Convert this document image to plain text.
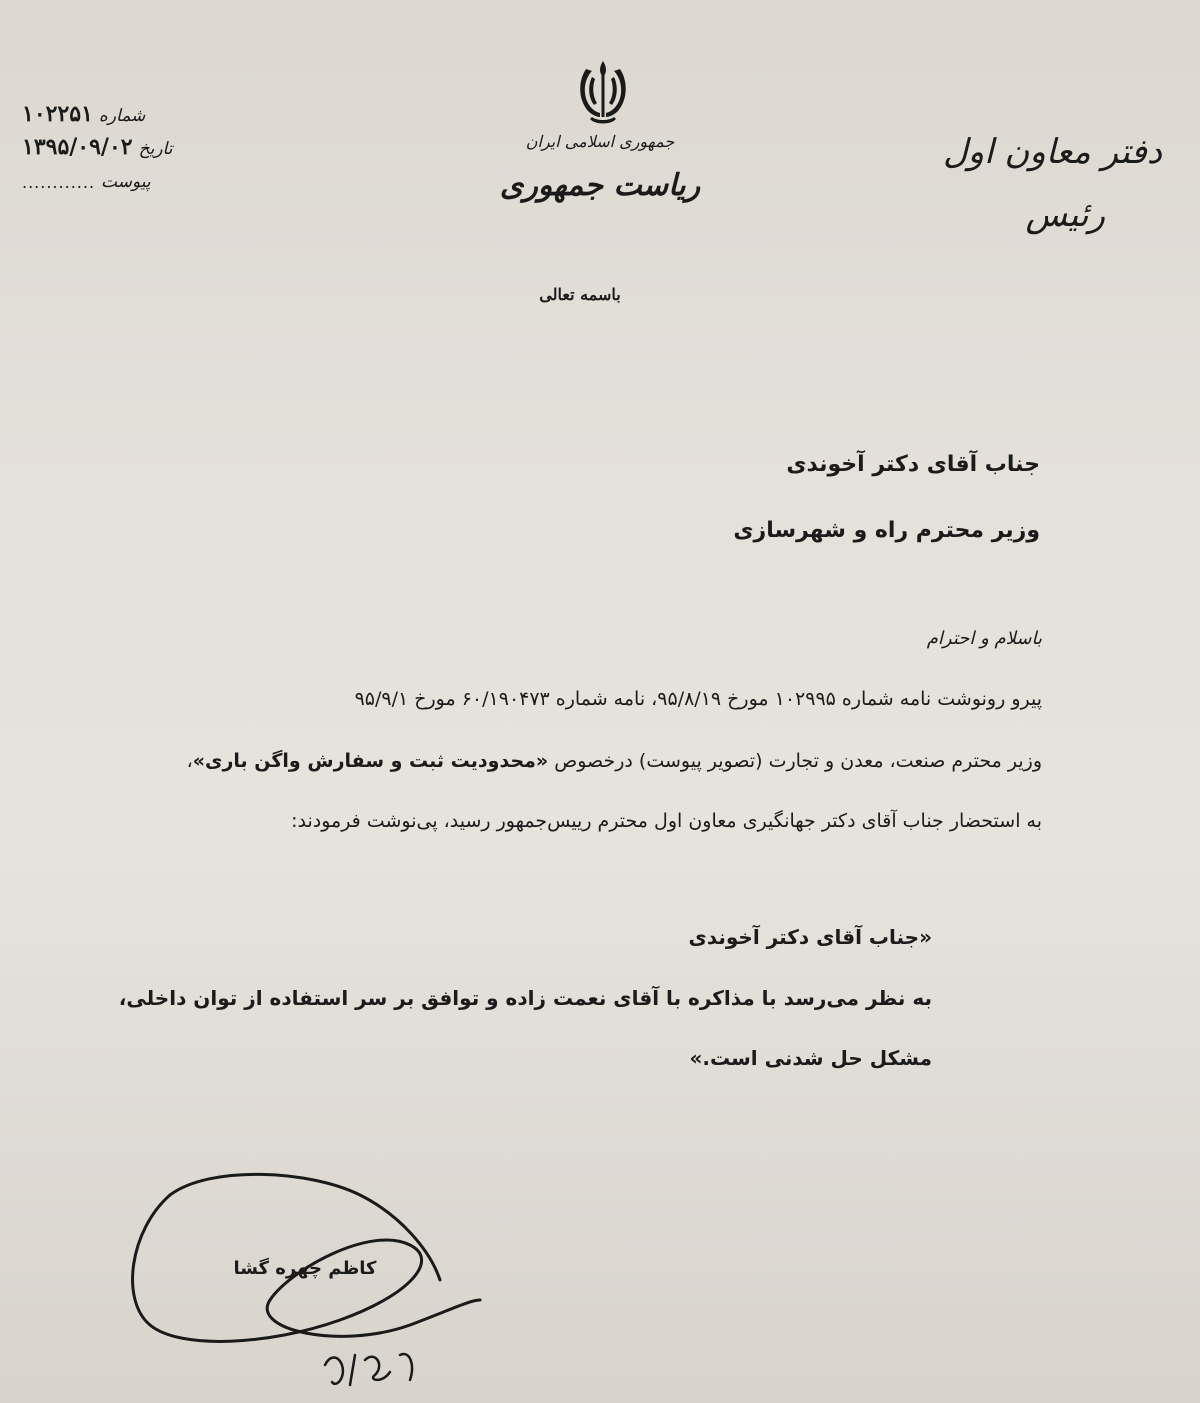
شماره
۱۰۲۲۵۱
تاریخ
۱۳۹۵/۰۹/۰۲
پیوست
............
جمهوری اسلامی ایران
ریاست جمهوری
دفتر معاون اول
رئیس
باسمه تعالی
جناب آقای دکتر آخوندی
وزیر محترم راه و شهرسازی
باسلام و احترام
پیرو رونوشت نامه شماره ۱۰۲۹۹۵ مورخ ۹۵/۸/۱۹، نامه شماره ۶۰/۱۹۰۴۷۳ مورخ ۹۵/۹/۱
وزیر محترم صنعت، معدن و تجارت (تصویر پیوست) درخصوص «محدودیت ثبت و سفارش واگن باری»،
به استحضار جناب آقای دکتر جهانگیری معاون اول محترم رییس‌جمهور رسید، پی‌نوشت فرمودند:
«جناب آقای دکتر آخوندی
به نظر می‌رسد با مذاکره با آقای نعمت زاده و توافق بر سر استفاده از توان داخلی،
مشکل حل شدنی است.»
کاظم چهره گشا
